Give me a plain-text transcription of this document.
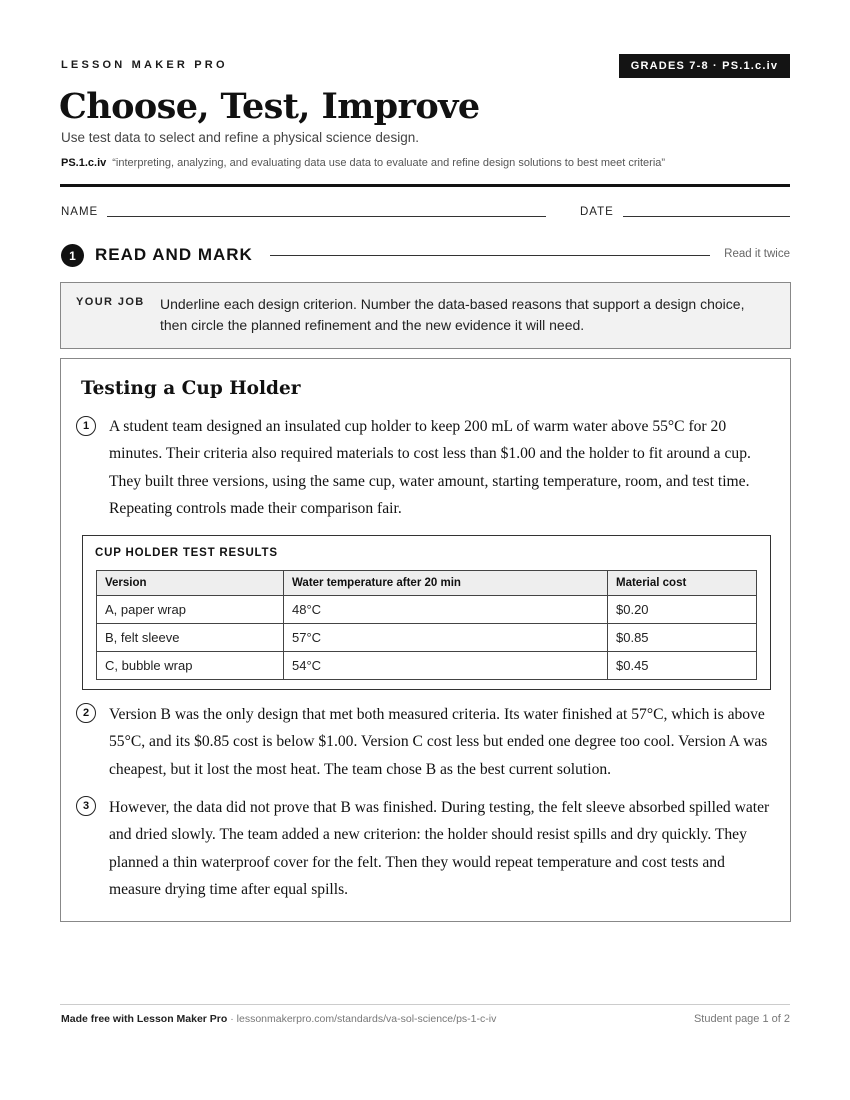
LESSON MAKER PRO	GRADES 7-8 · PS.1.c.iv
Choose, Test, Improve
Use test data to select and refine a physical science design.
PS.1.c.iv “interpreting, analyzing, and evaluating data use data to evaluate and refine design solutions to best meet criteria”
NAME	DATE
1	READ AND MARK	Read it twice
YOUR JOB Underline each design criterion. Number the data-based reasons that support a design choice, then circle the planned refinement and the new evidence it will need.
Testing a Cup Holder
1	A student team designed an insulated cup holder to keep 200 mL of warm water above 55°C for 20 minutes. Their criteria also required materials to cost less than $1.00 and the holder to fit around a cup. They built three versions, using the same cup, water amount, starting temperature, room, and test time. Repeating controls made their comparison fair.
CUP HOLDER TEST RESULTS
Version	Water temperature after 20 min	Material cost
A, paper wrap	48°C	$0.20
B, felt sleeve	57°C	$0.85
C, bubble wrap	54°C	$0.45
2	Version B was the only design that met both measured criteria. Its water finished at 57°C, which is above 55°C, and its $0.85 cost is below $1.00. Version C cost less but ended one degree too cool. Version A was cheapest, but it lost the most heat. The team chose B as the best current solution.
3	However, the data did not prove that B was finished. During testing, the felt sleeve absorbed spilled water and dried slowly. The team added a new criterion: the holder should resist spills and dry quickly. They planned a thin waterproof cover for the felt. Then they would repeat temperature and cost tests and measure drying time after equal spills.
Made free with Lesson Maker Pro · lessonmakerpro.com/standards/va-sol-science/ps-1-c-iv	Student page 1 of 2
